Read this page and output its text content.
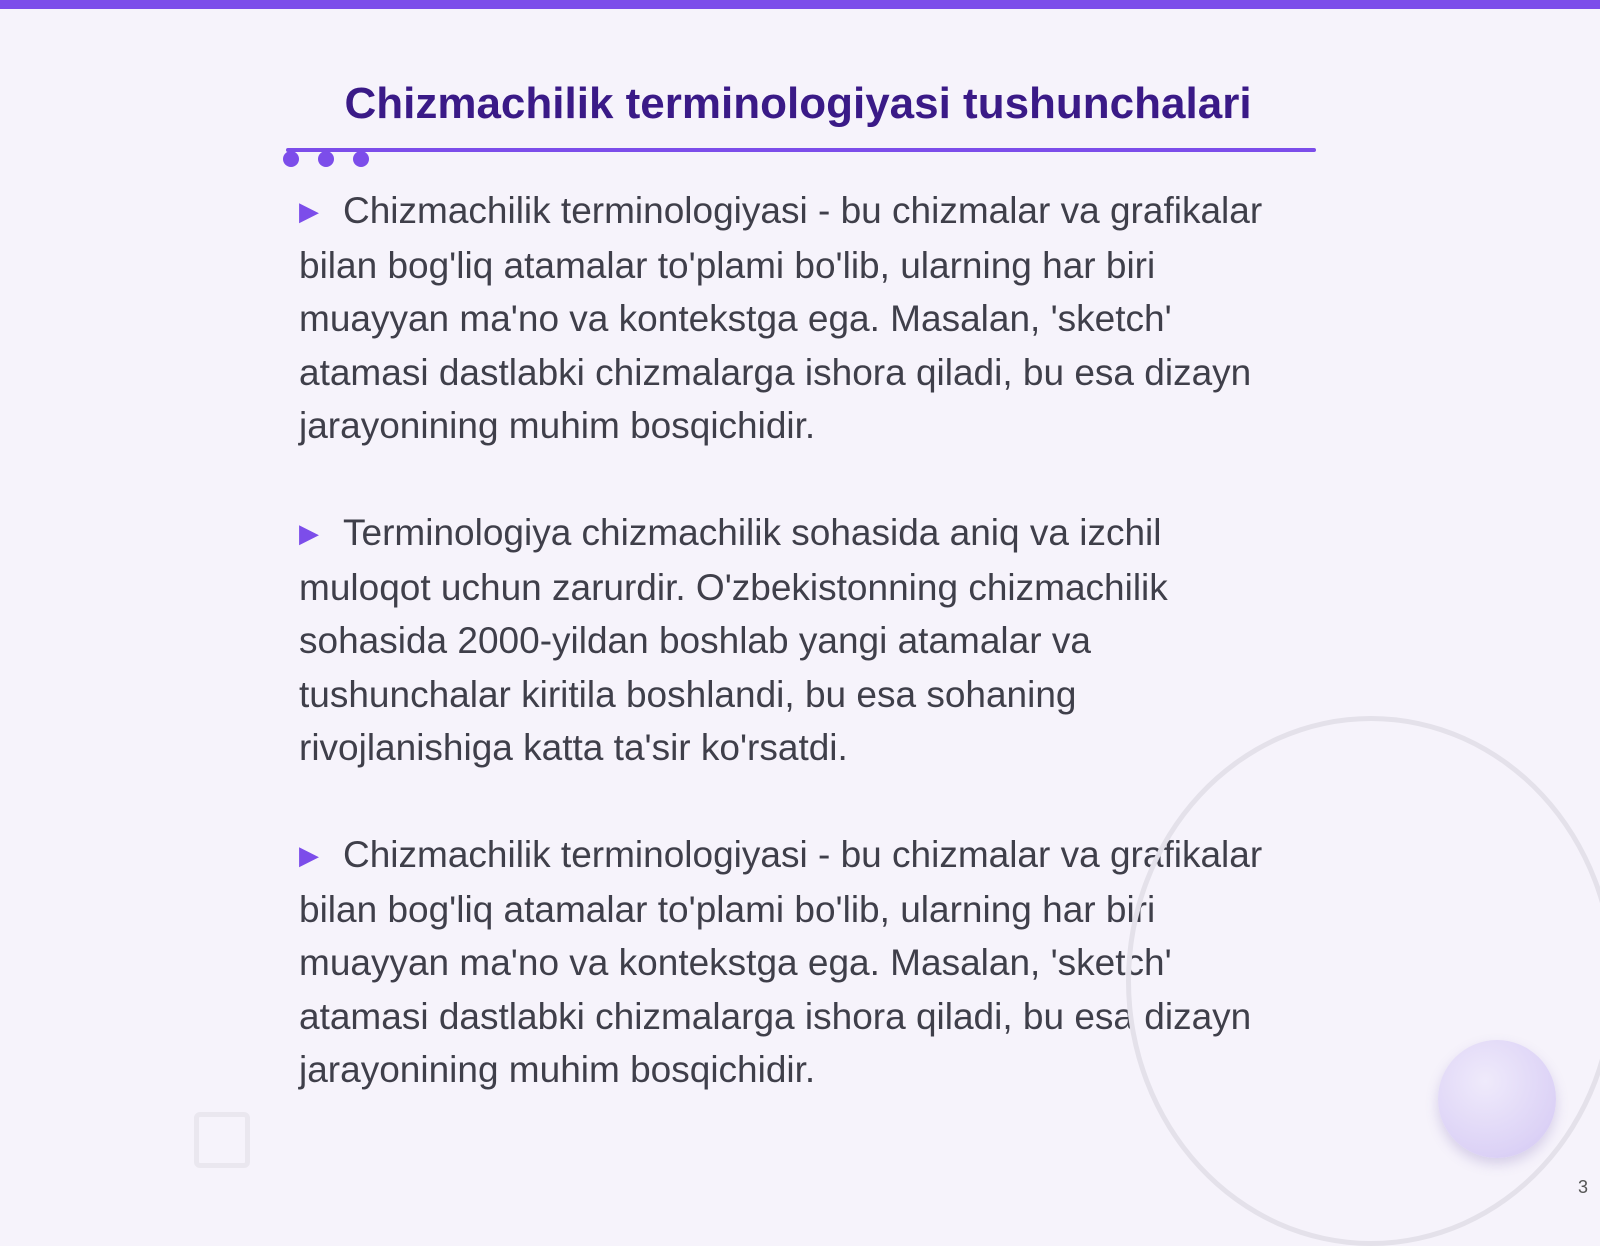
Chizmachilik terminologiyasi tushunchalari

▶ Chizmachilik terminologiyasi - bu chizmalar va grafikalar bilan bog'liq atamalar to'plami bo'lib, ularning har biri muayyan ma'no va kontekstga ega. Masalan, 'sketch' atamasi dastlabki chizmalarga ishora qiladi, bu esa dizayn jarayonining muhim bosqichidir.

▶ Terminologiya chizmachilik sohasida aniq va izchil muloqot uchun zarurdir. O'zbekistonning chizmachilik sohasida 2000-yildan boshlab yangi atamalar va tushunchalar kiritila boshlandi, bu esa sohaning rivojlanishiga katta ta'sir ko'rsatdi.

▶ Chizmachilik terminologiyasi - bu chizmalar va grafikalar bilan bog'liq atamalar to'plami bo'lib, ularning har biri muayyan ma'no va kontekstga ega. Masalan, 'sketch' atamasi dastlabki chizmalarga ishora qiladi, bu esa dizayn jarayonining muhim bosqichidir.

3
